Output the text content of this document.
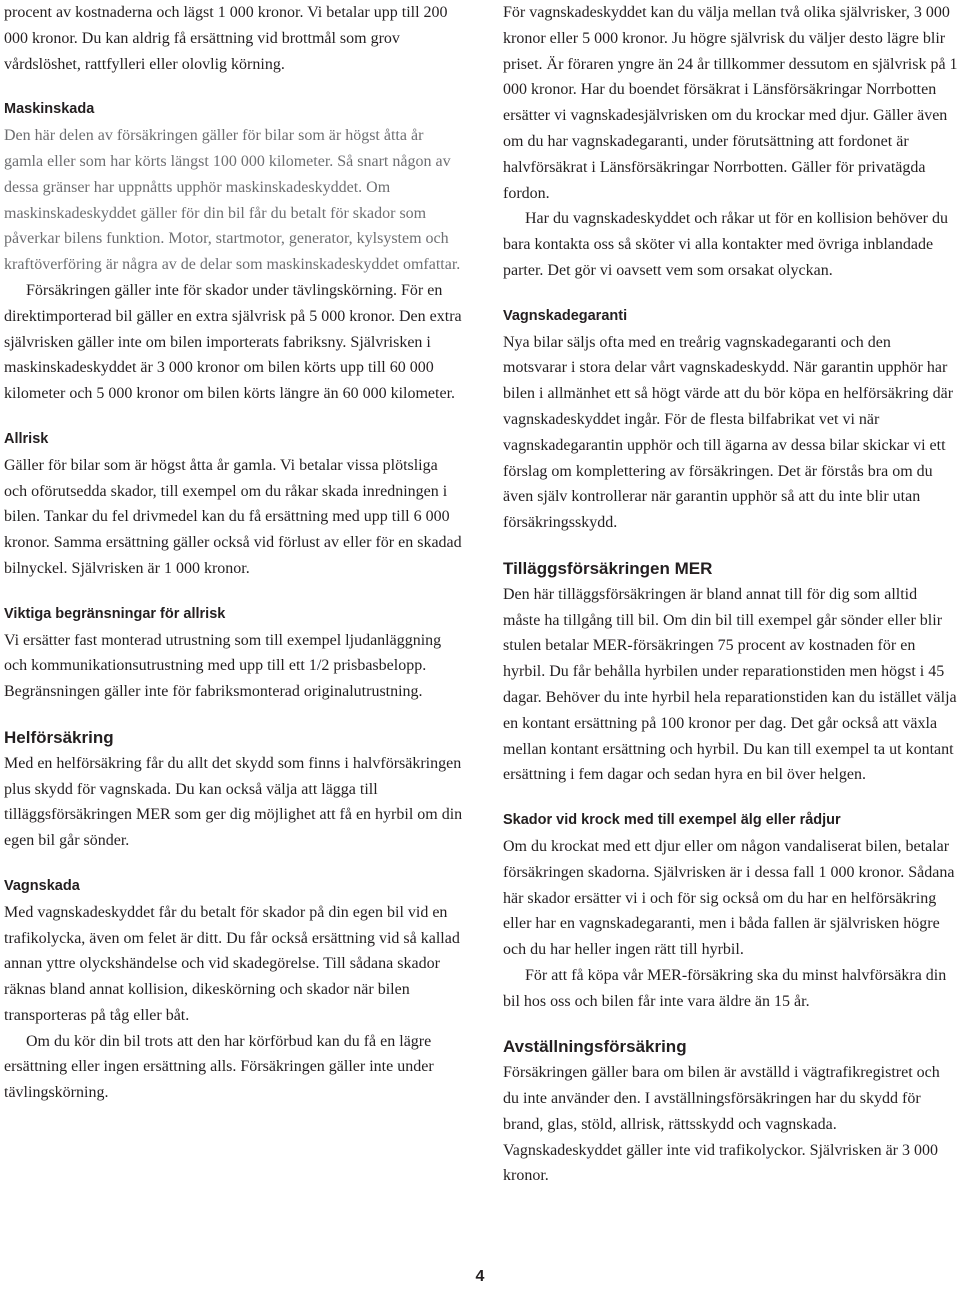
procent av kostnaderna och lägst 1 000 kronor. Vi betalar upp till 200 000 kronor. Du kan aldrig få ersättning vid brottmål som grov vårdslöshet, rattfylleri eller olovlig körning.

Maskinskada

Den här delen av försäkringen gäller för bilar som är högst åtta år gamla eller som har körts längst 100 000 kilometer. Så snart någon av dessa gränser har uppnåtts upphör maskinskadeskyddet. Om maskinskadeskyddet gäller för din bil får du betalt för skador som påverkar bilens funktion. Motor, startmotor, generator, kylsystem och kraftöverföring är några av de delar som maskinskadeskyddet omfattar.

Försäkringen gäller inte för skador under tävlingskörning. För en direktimporterad bil gäller en extra självrisk på 5 000 kronor. Den extra självrisken gäller inte om bilen importerats fabriksny. Självrisken i maskinskadeskyddet är 3 000 kronor om bilen körts upp till 60 000 kilometer och 5 000 kronor om bilen körts längre än 60 000 kilometer.

Allrisk

Gäller för bilar som är högst åtta år gamla. Vi betalar vissa plötsliga och oförutsedda skador, till exempel om du råkar skada inredningen i bilen. Tankar du fel drivmedel kan du få ersättning med upp till 6 000 kronor. Samma ersättning gäller också vid förlust av eller för en skadad bilnyckel. Självrisken är 1 000 kronor.

Viktiga begränsningar för allrisk

Vi ersätter fast monterad utrustning som till exempel ljudanläggning och kommunikationsutrustning med upp till ett 1/2 prisbasbelopp. Begränsningen gäller inte för fabriksmonterad originalutrustning.

Helförsäkring

Med en helförsäkring får du allt det skydd som finns i halvförsäkringen plus skydd för vagnskada. Du kan också välja att lägga till tilläggsförsäkringen MER som ger dig möjlighet att få en hyrbil om din egen bil går sönder.

Vagnskada

Med vagnskadeskyddet får du betalt för skador på din egen bil vid en trafikolycka, även om felet är ditt. Du får också ersättning vid så kallad annan yttre olyckshändelse och vid skadegörelse. Till sådana skador räknas bland annat kollision, dikeskörning och skador när bilen transporteras på tåg eller båt.

Om du kör din bil trots att den har körförbud kan du få en lägre ersättning eller ingen ersättning alls. Försäkringen gäller inte under tävlingskörning.

För vagnskadeskyddet kan du välja mellan två olika självrisker, 3 000 kronor eller 5 000 kronor. Ju högre självrisk du väljer desto lägre blir priset. Är föraren yngre än 24 år tillkommer dessutom en självrisk på 1 000 kronor. Har du boendet försäkrat i Länsförsäkringar Norrbotten ersätter vi vagnskadesjälvrisken om du krockar med djur. Gäller även om du har vagnskadegaranti, under förutsättning att fordonet är halvförsäkrat i Länsförsäkringar Norrbotten. Gäller för privatägda fordon.

Har du vagnskadeskyddet och råkar ut för en kollision behöver du bara kontakta oss så sköter vi alla kontakter med övriga inblandade parter. Det gör vi oavsett vem som orsakat olyckan.

Vagnskadegaranti

Nya bilar säljs ofta med en treårig vagnskadegaranti och den motsvarar i stora delar vårt vagnskadeskydd. När garantin upphör har bilen i allmänhet ett så högt värde att du bör köpa en helförsäkring där vagnskadeskyddet ingår. För de flesta bilfabrikat vet vi när vagnskadegarantin upphör och till ägarna av dessa bilar skickar vi ett förslag om komplettering av försäkringen. Det är förstås bra om du även själv kontrollerar när garantin upphör så att du inte blir utan försäkringsskydd.

Tilläggsförsäkringen MER

Den här tilläggsförsäkringen är bland annat till för dig som alltid måste ha tillgång till bil. Om din bil till exempel går sönder eller blir stulen betalar MER-försäkringen 75 procent av kostnaden för en hyrbil. Du får behålla hyrbilen under reparationstiden men högst i 45 dagar. Behöver du inte hyrbil hela reparationstiden kan du istället välja en kontant ersättning på 100 kronor per dag. Det går också att växla mellan kontant ersättning och hyrbil. Du kan till exempel ta ut kontant ersättning i fem dagar och sedan hyra en bil över helgen.

Skador vid krock med till exempel älg eller rådjur

Om du krockat med ett djur eller om någon vandaliserat bilen, betalar försäkringen skadorna. Självrisken är i dessa fall 1 000 kronor. Sådana här skador ersätter vi i och för sig också om du har en helförsäkring eller har en vagnskadegaranti, men i båda fallen är självrisken högre och du har heller ingen rätt till hyrbil.

För att få köpa vår MER-försäkring ska du minst halvförsäkra din bil hos oss och bilen får inte vara äldre än 15 år.

Avställningsförsäkring

Försäkringen gäller bara om bilen är avställd i vägtrafikregistret och du inte använder den. I avställningsförsäkringen har du skydd för brand, glas, stöld, allrisk, rättsskydd och vagnskada. Vagnskadeskyddet gäller inte vid trafikolyckor. Självrisken är 3 000 kronor.

4
